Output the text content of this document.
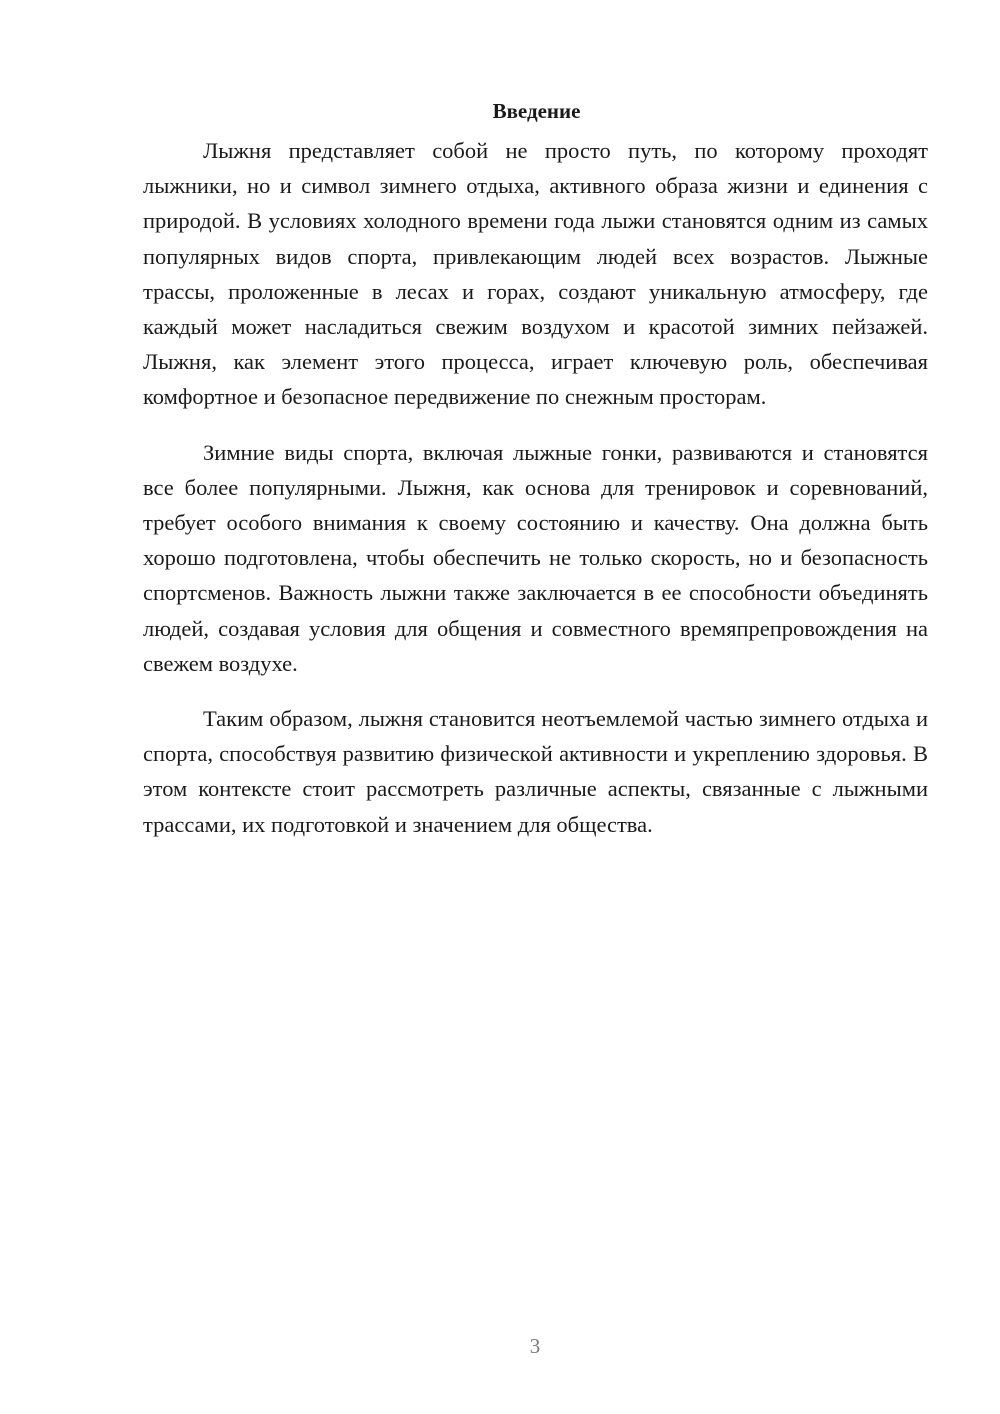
Введение

Лыжня представляет собой не просто путь, по которому проходят лыжники, но и символ зимнего отдыха, активного образа жизни и единения с природой. В условиях холодного времени года лыжи становятся одним из самых популярных видов спорта, привлекающим людей всех возрастов. Лыжные трассы, проложенные в лесах и горах, создают уникальную атмосферу, где каждый может насладиться свежим воздухом и красотой зимних пейзажей. Лыжня, как элемент этого процесса, играет ключевую роль, обеспечивая комфортное и безопасное передвижение по снежным просторам.

Зимние виды спорта, включая лыжные гонки, развиваются и становятся все более популярными. Лыжня, как основа для тренировок и соревнований, требует особого внимания к своему состоянию и качеству. Она должна быть хорошо подготовлена, чтобы обеспечить не только скорость, но и безопасность спортсменов. Важность лыжни также заключается в ее способности объединять людей, создавая условия для общения и совместного времяпрепровождения на свежем воздухе.

Таким образом, лыжня становится неотъемлемой частью зимнего отдыха и спорта, способствуя развитию физической активности и укреплению здоровья. В этом контексте стоит рассмотреть различные аспекты, связанные с лыжными трассами, их подготовкой и значением для общества.

3
